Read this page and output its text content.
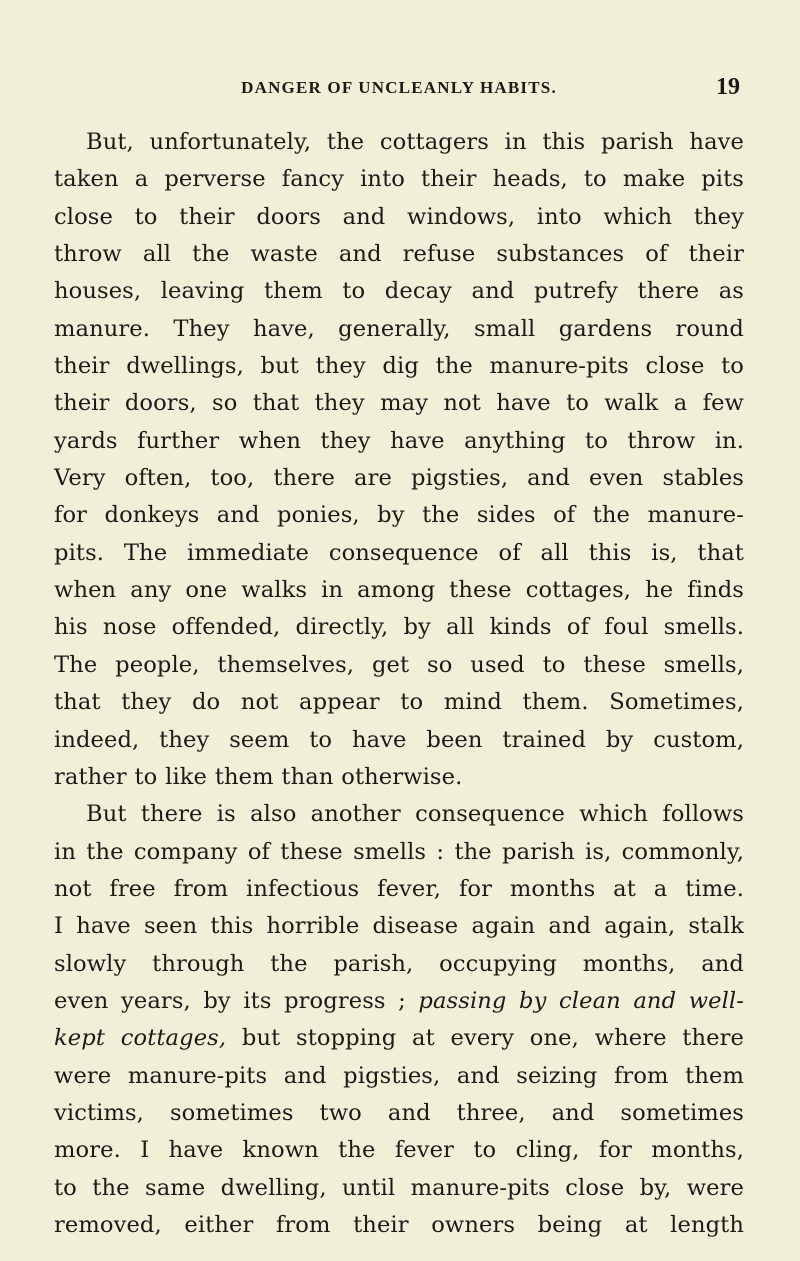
DANGER OF UNCLEANLY HABITS.	19
But, unfortunately, the cottagers in this parish have
taken a perverse fancy into their heads, to make pits
close to their doors and windows, into which they
throw all the waste and refuse substances of their
houses, leaving them to decay and putrefy there as
manure. They have, generally, small gardens round
their dwellings, but they dig the manure-pits close to
their doors, so that they may not have to walk a few
yards further when they have anything to throw in.
Very often, too, there are pigsties, and even stables
for donkeys and ponies, by the sides of the manure-
pits. The immediate consequence of all this is, that
when any one walks in among these cottages, he finds
his nose offended, directly, by all kinds of foul smells.
The people, themselves, get so used to these smells,
that they do not appear to mind them. Sometimes,
indeed, they seem to have been trained by custom,
rather to like them than otherwise.
But there is also another consequence which follows
in the company of these smells : the parish is, commonly,
not free from infectious fever, for months at a time.
I have seen this horrible disease again and again, stalk
slowly through the parish, occupying months, and
even years, by its progress ; passing by clean and well-
kept cottages, but stopping at every one, where there
were manure-pits and pigsties, and seizing from them
victims, sometimes two and three, and sometimes
more. I have known the fever to cling, for months,
to the same dwelling, until manure-pits close by, were
removed, either from their owners being at length
